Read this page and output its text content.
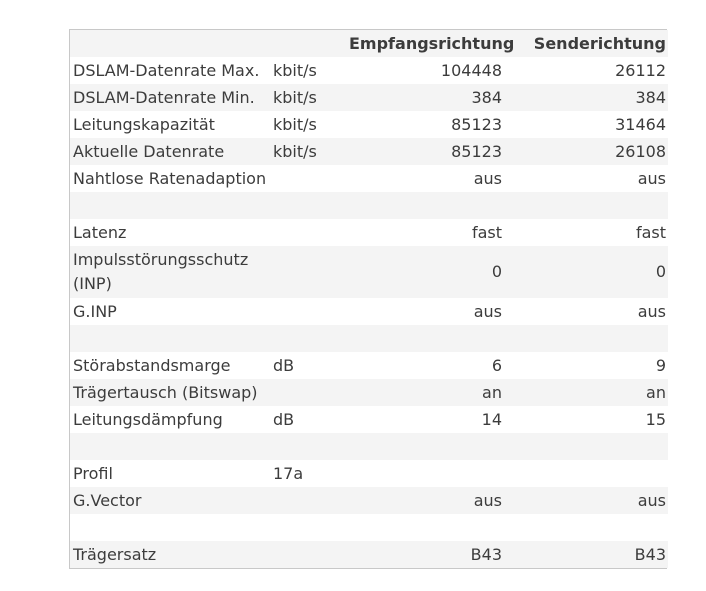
		Empfangsrichtung	Senderichtung
DSLAM-Datenrate Max.	kbit/s	104448	26112
DSLAM-Datenrate Min.	kbit/s	384	384
Leitungskapazität	kbit/s	85123	31464
Aktuelle Datenrate	kbit/s	85123	26108
Nahtlose Ratenadaption		aus	aus

Latenz		fast	fast
Impulsstörungsschutz (INP)		0	0
G.INP		aus	aus

Störabstandsmarge	dB	6	9
Trägertausch (Bitswap)		an	an
Leitungsdämpfung	dB	14	15

Profil	17a		
G.Vector		aus	aus

Trägersatz		B43	B43
